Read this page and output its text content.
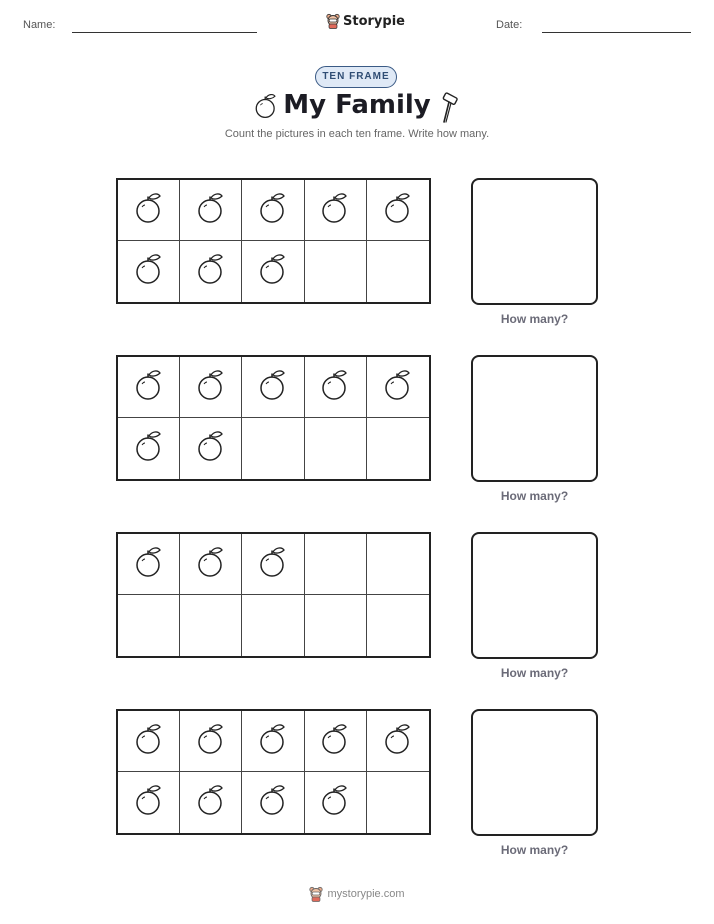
Name:	Storypie	Date:
TEN FRAME
My Family
Count the pictures in each ten frame. Write how many.
How many?
How many?
How many?
How many?
mystorypie.com
